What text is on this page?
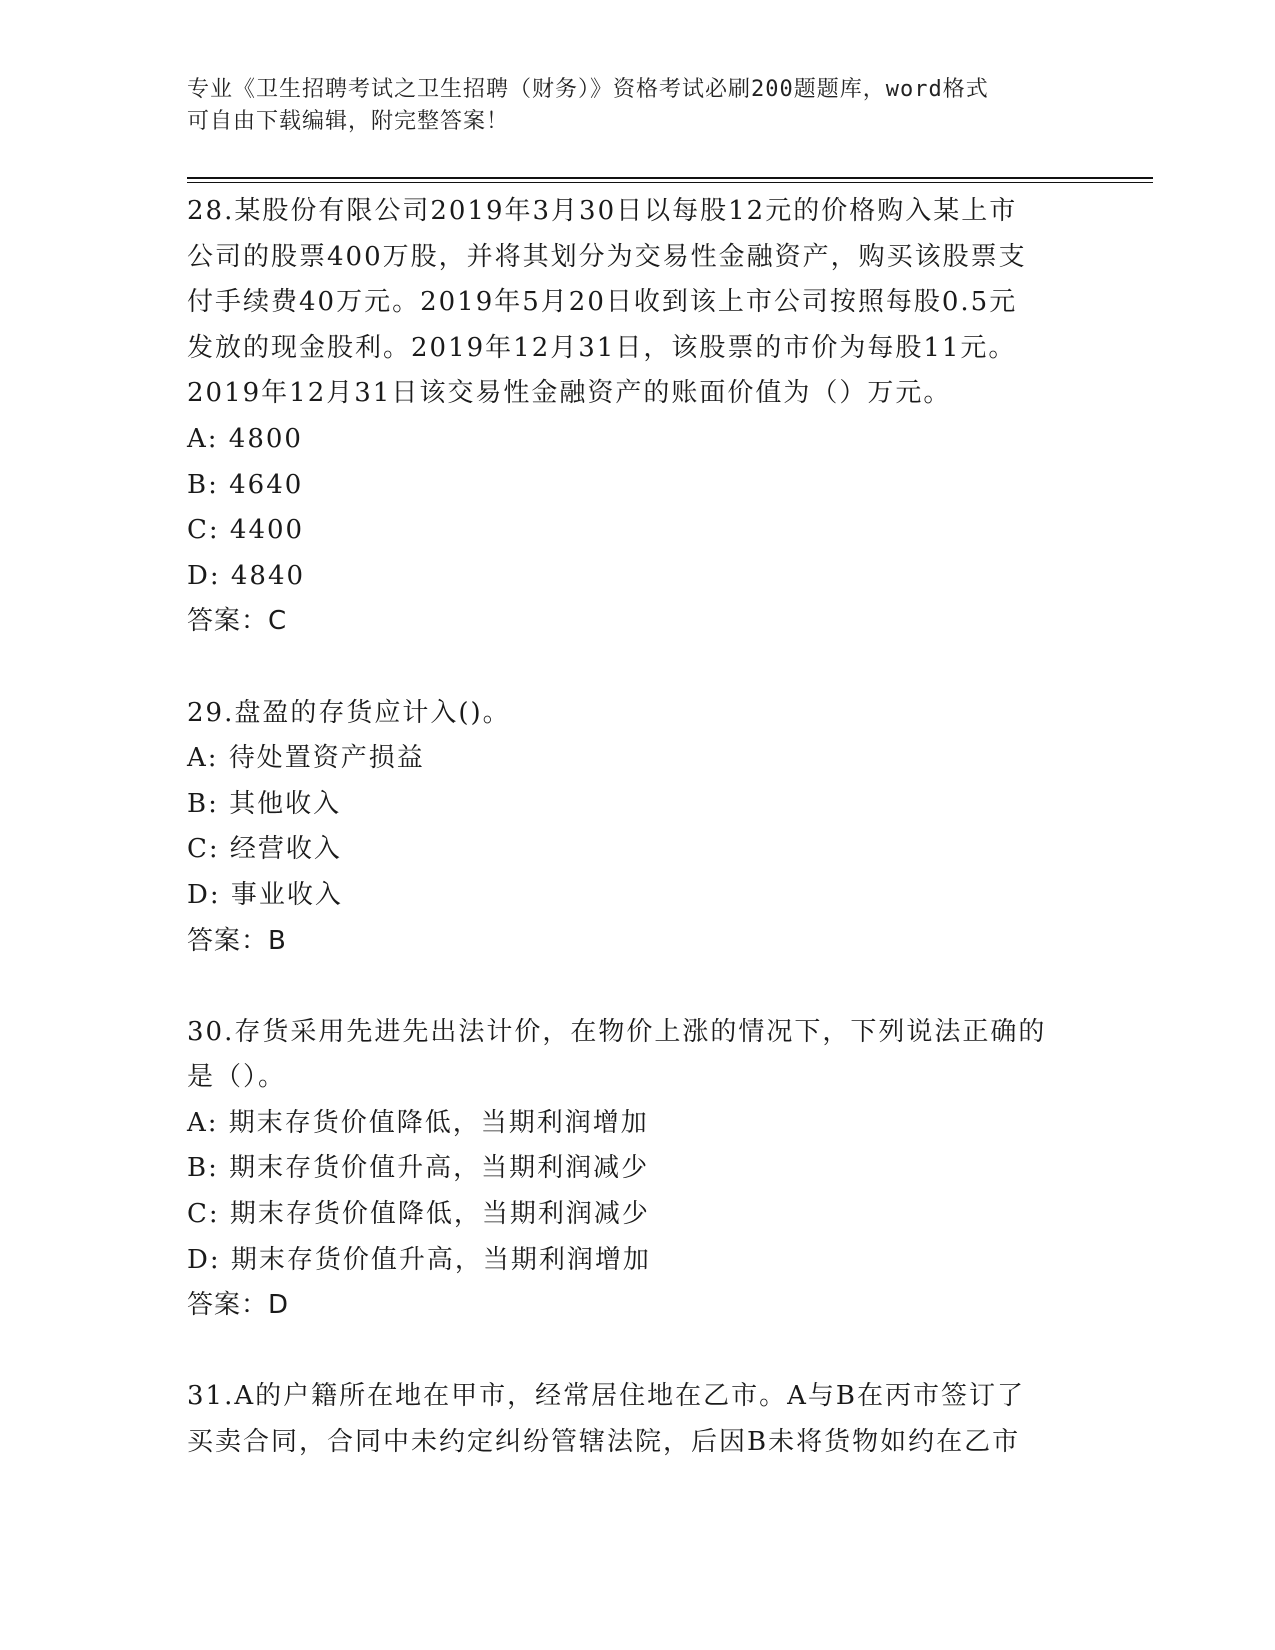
专业《卫生招聘考试之卫生招聘（财务）》资格考试必刷200题题库，word格式
可自由下载编辑，附完整答案！
28.某股份有限公司2019年3月30日以每股12元的价格购入某上市
公司的股票400万股，并将其划分为交易性金融资产，购买该股票支
付手续费40万元。2019年5月20日收到该上市公司按照每股0.5元
发放的现金股利。2019年12月31日，该股票的市价为每股11元。
2019年12月31日该交易性金融资产的账面价值为（）万元。
A: 4800
B: 4640
C: 4400
D: 4840
答案：C
29.盘盈的存货应计入()。
A: 待处置资产损益
B: 其他收入
C: 经营收入
D: 事业收入
答案：B
30.存货采用先进先出法计价，在物价上涨的情况下，下列说法正确的
是（）。
A: 期末存货价值降低，当期利润增加
B: 期末存货价值升高，当期利润减少
C: 期末存货价值降低，当期利润减少
D: 期末存货价值升高，当期利润增加
答案：D
31.A的户籍所在地在甲市，经常居住地在乙市。A与B在丙市签订了
买卖合同，合同中未约定纠纷管辖法院，后因B未将货物如约在乙市
